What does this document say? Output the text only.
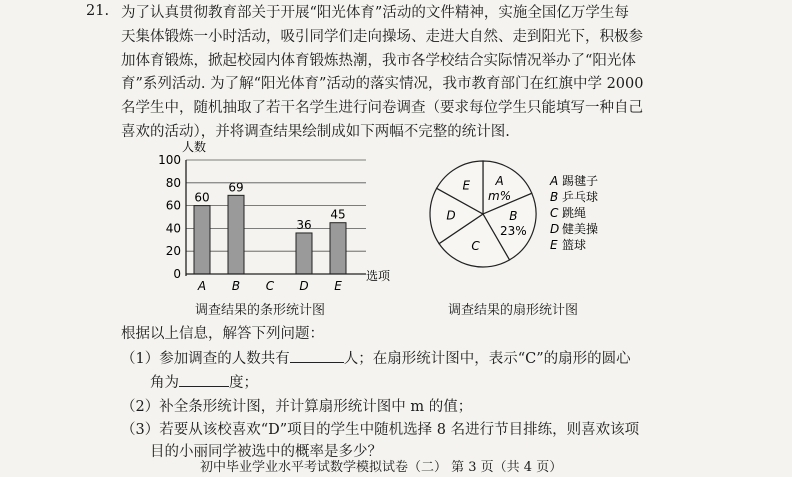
21. 为了认真贯彻教育部关于开展“阳光体育”活动的文件精神，实施全国亿万学生每
天集体锻炼一小时活动，吸引同学们走向操场、走进大自然、走到阳光下，积极参
加体育锻炼，掀起校园内体育锻炼热潮，我市各学校结合实际情况举办了“阳光体
育”系列活动. 为了解“阳光体育”活动的落实情况，我市教育部门在红旗中学 2000
名学生中，随机抽取了若干名学生进行问卷调查（要求每位学生只能填写一种自己
喜欢的活动），并将调查结果绘制成如下两幅不完整的统计图.
人数
0
20
40
60
80
100
60
69
36
45
A B C D E
选项
A
m%
B
23%
C
D
E	A 踢毽子
B 乒乓球
C 跳绳
D 健美操
E 篮球
调查结果的条形统计图	调查结果的扇形统计图
根据以上信息，解答下列问题：
（1）参加调查的人数共有	人；在扇形统计图中，表示“C”的扇形的圆心
角为	度；
（2）补全条形统计图，并计算扇形统计图中 m 的值；
（3）若要从该校喜欢“D”项目的学生中随机选择 8 名进行节目排练，则喜欢该项
目的小丽同学被选中的概率是多少？
初中毕业学业水平考试数学模拟试卷（二） 第 3 页（共 4 页）
